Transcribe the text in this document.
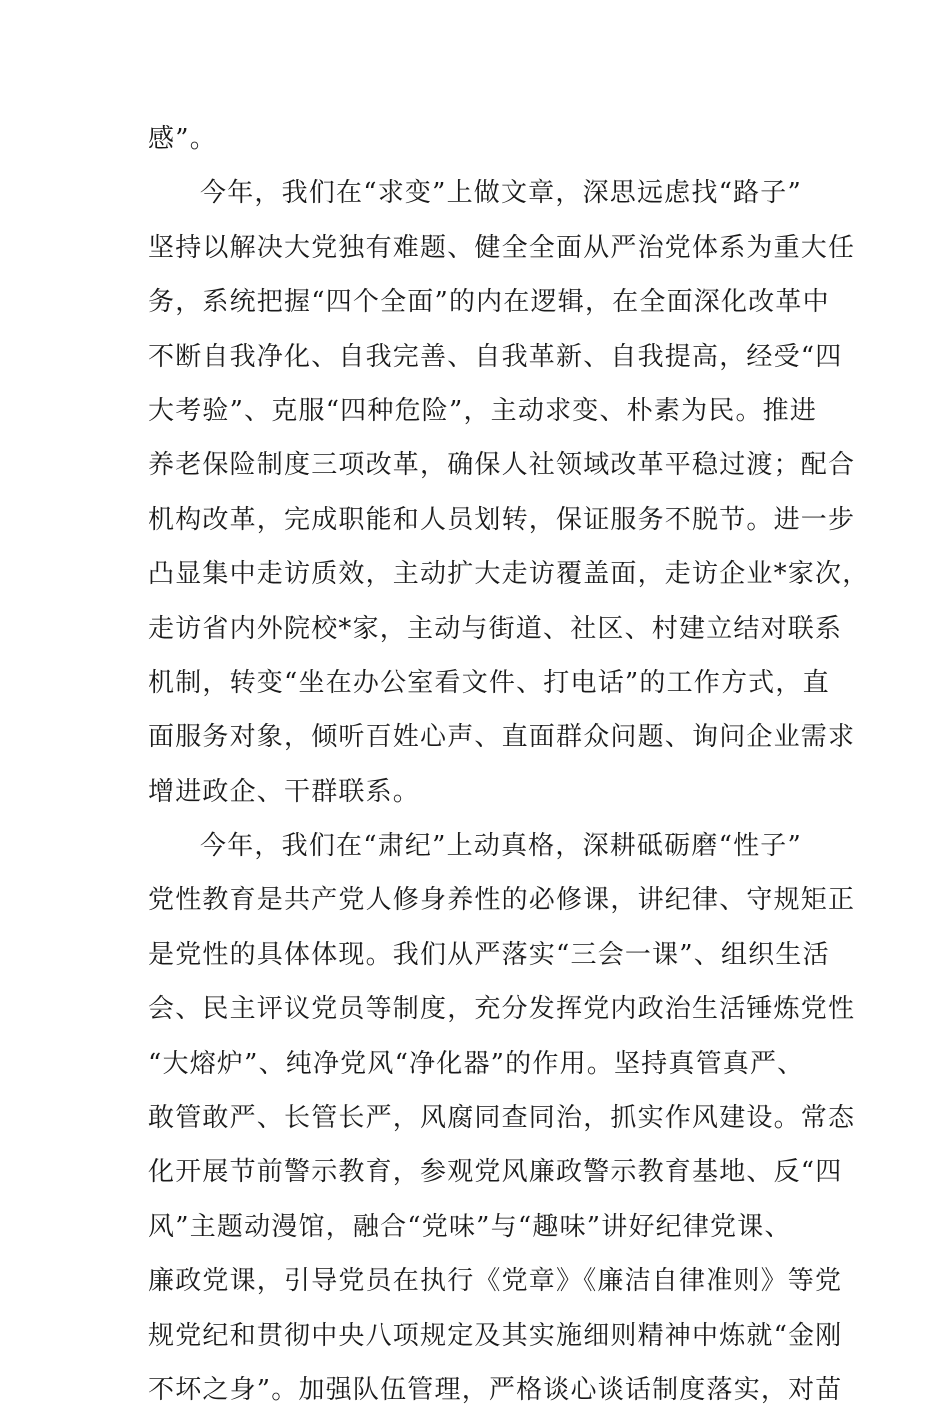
感”。
今年，我们在“求变”上做文章，深思远虑找“路子”
坚持以解决大党独有难题、健全全面从严治党体系为重大任
务，系统把握“四个全面”的内在逻辑，在全面深化改革中
不断自我净化、自我完善、自我革新、自我提高，经受“四
大考验”、克服“四种危险”，主动求变、朴素为民。推进
养老保险制度三项改革，确保人社领域改革平稳过渡；配合
机构改革，完成职能和人员划转，保证服务不脱节。进一步
凸显集中走访质效，主动扩大走访覆盖面，走访企业*家次，
走访省内外院校*家，主动与街道、社区、村建立结对联系
机制，转变“坐在办公室看文件、打电话”的工作方式，直
面服务对象，倾听百姓心声、直面群众问题、询问企业需求
增进政企、干群联系。
今年，我们在“肃纪”上动真格，深耕砥砺磨“性子”
党性教育是共产党人修身养性的必修课，讲纪律、守规矩正
是党性的具体体现。我们从严落实“三会一课”、组织生活
会、民主评议党员等制度，充分发挥党内政治生活锤炼党性
“大熔炉”、纯净党风“净化器”的作用。坚持真管真严、
敢管敢严、长管长严，风腐同查同治，抓实作风建设。常态
化开展节前警示教育，参观党风廉政警示教育基地、反“四
风”主题动漫馆，融合“党味”与“趣味”讲好纪律党课、
廉政党课，引导党员在执行《党章》《廉洁自律准则》等党
规党纪和贯彻中央八项规定及其实施细则精神中炼就“金刚
不坏之身”。加强队伍管理，严格谈心谈话制度落实，对苗
